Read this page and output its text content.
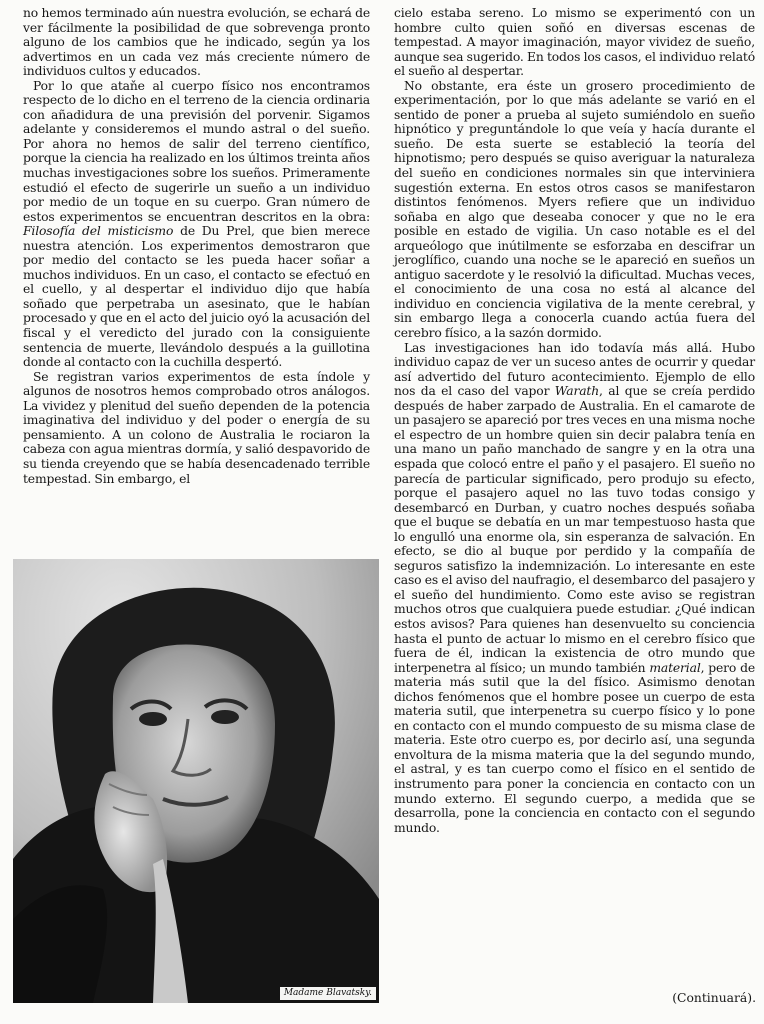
no hemos terminado aún nuestra evolución, se echará de ver fácilmente la posibilidad de que sobrevenga pronto alguno de los cambios que he indicado, según ya los advertimos en un cada vez más creciente número de individuos cultos y educados.

Por lo que ataňe al cuerpo físico nos encontramos respecto de lo dicho en el terreno de la ciencia ordinaria con añadidura de una previsión del porvenir. Sigamos adelante y consideremos el mundo astral o del sueño. Por ahora no hemos de salir del terreno científico, porque la ciencia ha realizado en los últimos treinta años muchas investigaciones sobre los sueños. Primeramente estudió el efecto de sugerirle un sueño a un individuo por medio de un toque en su cuerpo. Gran número de estos experimentos se encuentran descritos en la obra: Filosofía del misticismo de Du Prel, que bien merece nuestra atención. Los experimentos demostraron que por medio del contacto se les pueda hacer soñar a muchos individuos. En un caso, el contacto se efectuó en el cuello, y al despertar el individuo dijo que había soñado que perpetraba un asesinato, que le habían procesado y que en el acto del juicio oyó la acusación del fiscal y el veredicto del jurado con la consiguiente sentencia de muerte, llevándolo después a la guillotina donde al contacto con la cuchilla despertó.

Se registran varios experimentos de esta índole y algunos de nosotros hemos comprobado otros análogos. La vividez y plenitud del sueño dependen de la potencia imaginativa del individuo y del poder o energía de su pensamiento. A un colono de Australia le rociaron la cabeza con agua mientras dormía, y salió despavorido de su tienda creyendo que se había desencadenado terrible tempestad. Sin embargo, el

Madame Blavatsky.

cielo estaba sereno. Lo mismo se experimentó con un hombre culto quien soñó en diversas escenas de tempestad. A mayor imaginación, mayor vividez de sueño, aunque sea sugerido. En todos los casos, el individuo relató el sueño al despertar.

No obstante, era éste un grosero procedimiento de experimentación, por lo que más adelante se varió en el sentido de poner a prueba al sujeto sumiéndolo en sueño hipnótico y preguntándole lo que veía y hacía durante el sueño. De esta suerte se estableció la teoría del hipnotismo; pero después se quiso averiguar la naturaleza del sueño en condiciones normales sin que interviniera sugestión externa. En estos otros casos se manifestaron distintos fenómenos. Myers refiere que un individuo soñaba en algo que deseaba conocer y que no le era posible en estado de vigilia. Un caso notable es el del arqueólogo que inútilmente se esforzaba en descifrar un jeroglífico, cuando una noche se le apareció en sueños un antiguo sacerdote y le resolvió la dificultad. Muchas veces, el conocimiento de una cosa no está al alcance del individuo en conciencia vigilativa de la mente cerebral, y sin embargo llega a conocerla cuando actúa fuera del cerebro físico, a la sazón dormido.

Las investigaciones han ido todavía más allá. Hubo individuo capaz de ver un suceso antes de ocurrir y quedar así advertido del futuro acontecimiento. Ejemplo de ello nos da el caso del vapor Warath, al que se creía perdido después de haber zarpado de Australia. En el camarote de un pasajero se apareció por tres veces en una misma noche el espectro de un hombre quien sin decir palabra tenía en una mano un paño manchado de sangre y en la otra una espada que colocó entre el paño y el pasajero. El sueño no parecía de particular significado, pero produjo su efecto, porque el pasajero aquel no las tuvo todas consigo y desembarcó en Durban, y cuatro noches después soñaba que el buque se debatía en un mar tempestuoso hasta que lo engulló una enorme ola, sin esperanza de salvación. En efecto, se dio al buque por perdido y la compañía de seguros satisfizo la indemnización. Lo interesante en este caso es el aviso del naufragio, el desembarco del pasajero y el sueño del hundimiento. Como este aviso se registran muchos otros que cualquiera puede estudiar. ¿Qué indican estos avisos? Para quienes han desenvuelto su conciencia hasta el punto de actuar lo mismo en el cerebro físico que fuera de él, indican la existencia de otro mundo que interpenetra al físico; un mundo también material, pero de materia más sutil que la del físico. Asimismo denotan dichos fenómenos que el hombre posee un cuerpo de esta materia sutil, que interpenetra su cuerpo físico y lo pone en contacto con el mundo compuesto de su misma clase de materia. Este otro cuerpo es, por decirlo así, una segunda envoltura de la misma materia que la del segundo mundo, el astral, y es tan cuerpo como el físico en el sentido de instrumento para poner la conciencia en contacto con un mundo externo. El segundo cuerpo, a medida que se desarrolla, pone la conciencia en contacto con el segundo mundo.

(Continuará).
